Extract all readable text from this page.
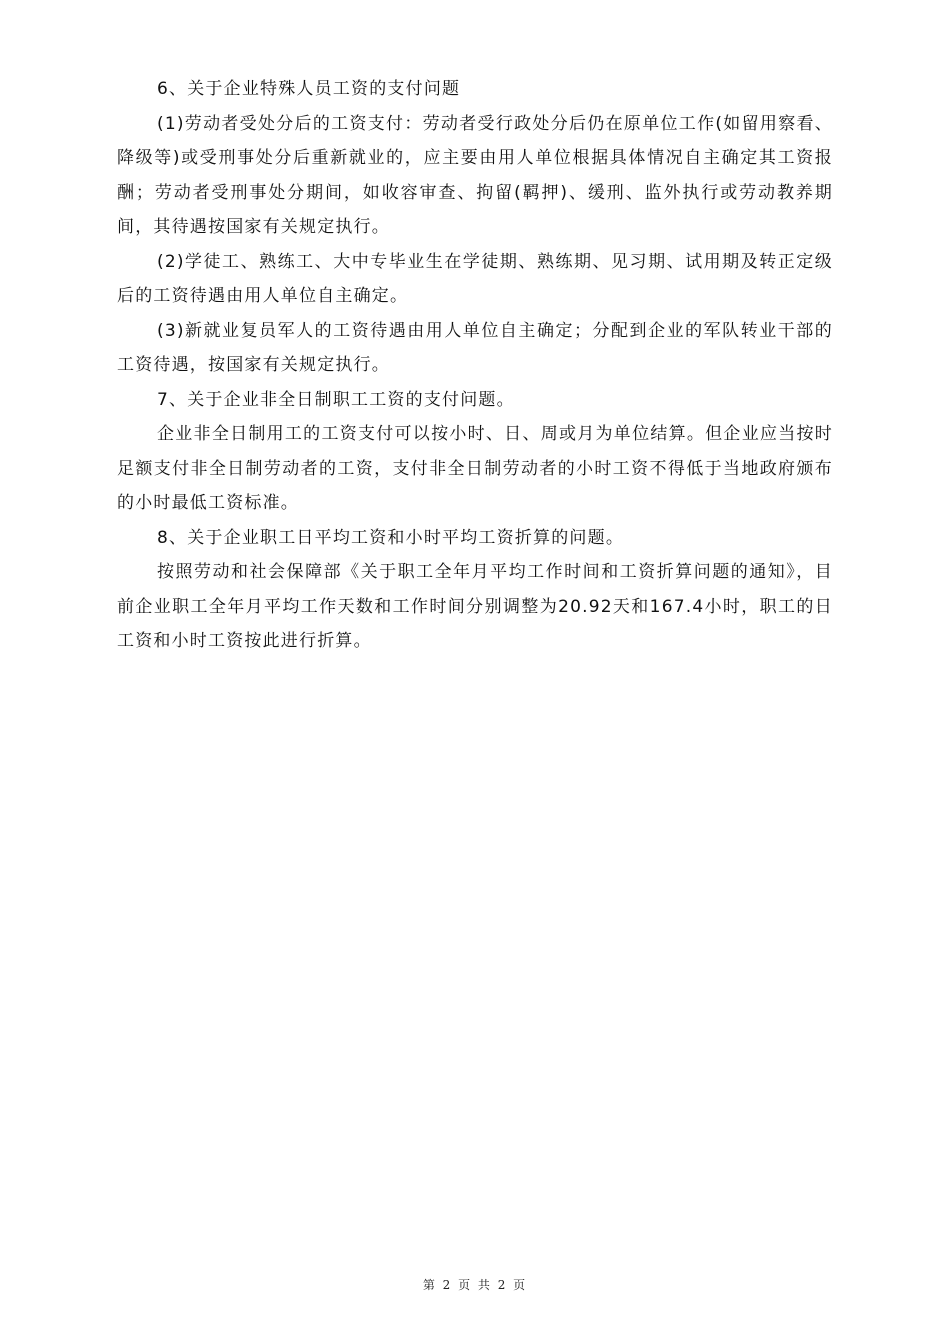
6、关于企业特殊人员工资的支付问题

(1)劳动者受处分后的工资支付：劳动者受行政处分后仍在原单位工作(如留用察看、降级等)或受刑事处分后重新就业的，应主要由用人单位根据具体情况自主确定其工资报酬；劳动者受刑事处分期间，如收容审查、拘留(羁押)、缓刑、监外执行或劳动教养期间，其待遇按国家有关规定执行。

(2)学徒工、熟练工、大中专毕业生在学徒期、熟练期、见习期、试用期及转正定级后的工资待遇由用人单位自主确定。

(3)新就业复员军人的工资待遇由用人单位自主确定；分配到企业的军队转业干部的工资待遇，按国家有关规定执行。

7、关于企业非全日制职工工资的支付问题。

企业非全日制用工的工资支付可以按小时、日、周或月为单位结算。但企业应当按时足额支付非全日制劳动者的工资，支付非全日制劳动者的小时工资不得低于当地政府颁布的小时最低工资标准。

8、关于企业职工日平均工资和小时平均工资折算的问题。

按照劳动和社会保障部《关于职工全年月平均工作时间和工资折算问题的通知》，目前企业职工全年月平均工作天数和工作时间分别调整为20.92天和167.4小时，职工的日工资和小时工资按此进行折算。

第 2 页 共 2 页
